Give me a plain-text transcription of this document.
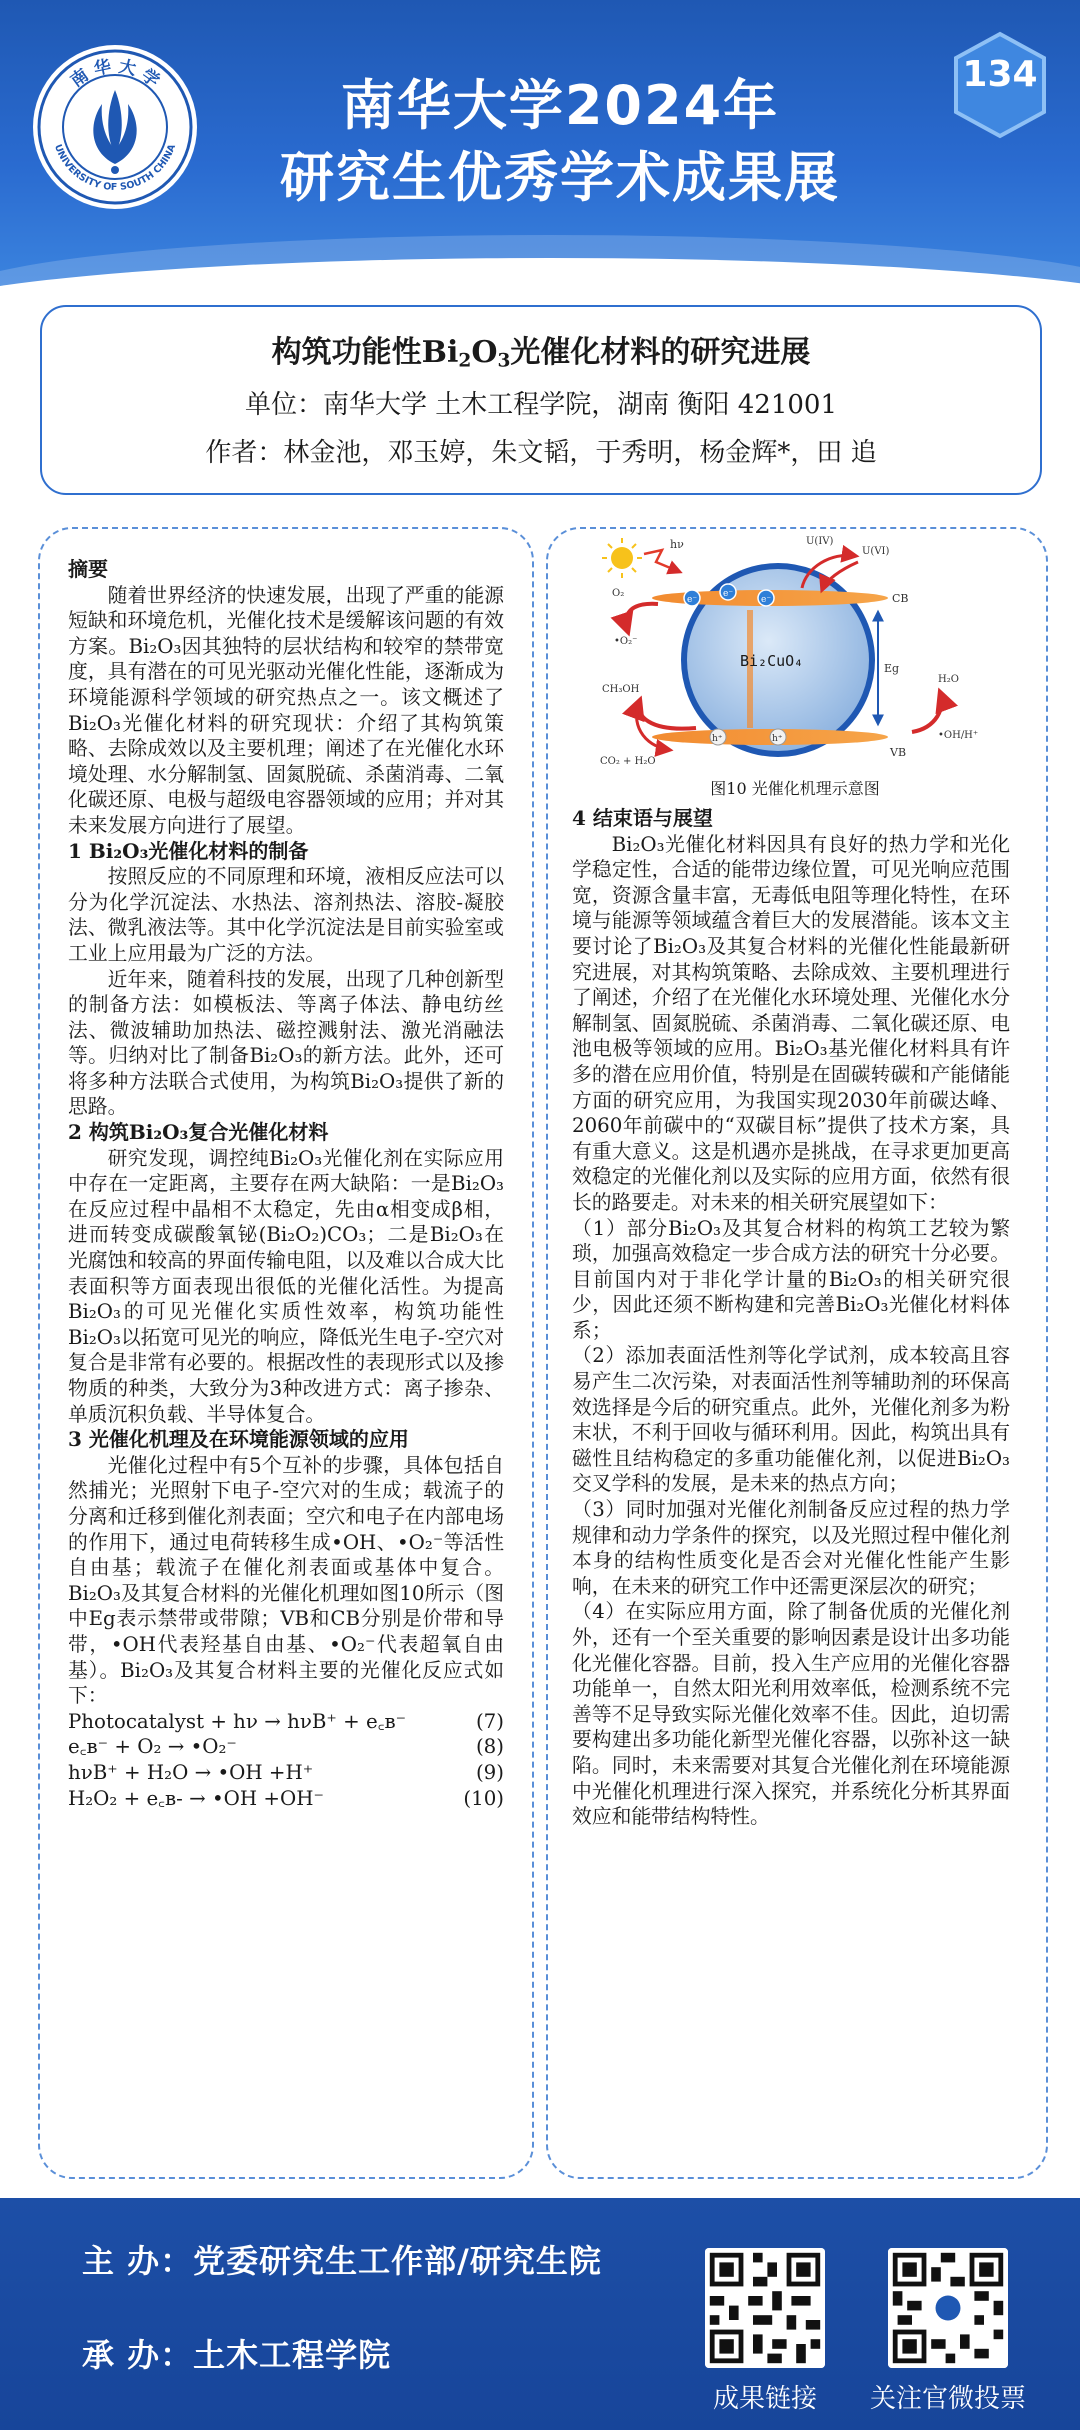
南 华 大 学
UNIVERSITY OF SOUTH CHINA
南华大学2024年
研究生优秀学术成果展
134
构筑功能性$Bi_2O_3$光催化材料的研究进展
单位：南华大学 土木工程学院，湖南 衡阳 421001
作者：林金池，邓玉婷，朱文韬，于秀明，杨金辉*，田 追

摘要

随着世界经济的快速发展，出现了严重的能源短缺和环境危机，光催化技术是缓解该问题的有效方案。Bi₂O₃因其独特的层状结构和较窄的禁带宽度，具有潜在的可见光驱动光催化性能，逐渐成为环境能源科学领域的研究热点之一。该文概述了Bi₂O₃光催化材料的研究现状：介绍了其构筑策略、去除成效以及主要机理；阐述了在光催化水环境处理、水分解制氢、固氮脱硫、杀菌消毒、二氧化碳还原、电极与超级电容器领域的应用；并对其未来发展方向进行了展望。

1 Bi₂O₃光催化材料的制备

按照反应的不同原理和环境，液相反应法可以分为化学沉淀法、水热法、溶剂热法、溶胶-凝胶法、微乳液法等。其中化学沉淀法是目前实验室或工业上应用最为广泛的方法。

近年来，随着科技的发展，出现了几种创新型的制备方法：如模板法、等离子体法、静电纺丝法、微波辅助加热法、磁控溅射法、激光消融法等。归纳对比了制备Bi₂O₃的新方法。此外，还可将多种方法联合式使用，为构筑Bi₂O₃提供了新的思路。

2 构筑Bi₂O₃复合光催化材料

研究发现，调控纯Bi₂O₃光催化剂在实际应用中存在一定距离，主要存在两大缺陷：一是Bi₂O₃在反应过程中晶相不太稳定，先由α相变成β相，进而转变成碳酸氧铋(Bi₂O₂)CO₃；二是Bi₂O₃在光腐蚀和较高的界面传输电阻，以及难以合成大比表面积等方面表现出很低的光催化活性。为提高Bi₂O₃的可见光催化实质性效率，构筑功能性Bi₂O₃以拓宽可见光的响应，降低光生电子-空穴对复合是非常有必要的。根据改性的表现形式以及掺物质的种类，大致分为3种改进方式：离子掺杂、单质沉积负载、半导体复合。

3 光催化机理及在环境能源领域的应用

光催化过程中有5个互补的步骤，具体包括自然捕光；光照射下电子-空穴对的生成；载流子的分离和迁移到催化剂表面；空穴和电子在内部电场的作用下，通过电荷转移生成•OH、•O₂⁻等活性自由基；载流子在催化剂表面或基体中复合。Bi₂O₃及其复合材料的光催化机理如图10所示（图中Eg表示禁带或带隙；VB和CB分别是价带和导带，•OH代表羟基自由基、•O₂⁻代表超氧自由基）。Bi₂O₃及其复合材料主要的光催化反应式如下：

Photocatalyst + hν → hνB⁺ + e꜀ʙ⁻	(7)
e꜀ʙ⁻ + O₂ → •O₂⁻	(8)
hνB⁺ + H₂O → •OH +H⁺	(9)
H₂O₂ + e꜀ʙ- → •OH +OH⁻	(10)
hν
CB
VB
e⁻
e⁻
e⁻
h⁺	h⁺
Eg
Bi₂CuO₄
U(IV)
U(VI)
O₂
•O₂⁻
CH₃OH
CO₂ + H₂O
H₂O
•OH/H⁺
图10 光催化机理示意图

4 结束语与展望

Bi₂O₃光催化材料因具有良好的热力学和光化学稳定性，合适的能带边缘位置，可见光响应范围宽，资源含量丰富，无毒低电阻等理化特性，在环境与能源等领域蕴含着巨大的发展潜能。该本文主要讨论了Bi₂O₃及其复合材料的光催化性能最新研究进展，对其构筑策略、去除成效、主要机理进行了阐述，介绍了在光催化水环境处理、光催化水分解制氢、固氮脱硫、杀菌消毒、二氧化碳还原、电池电极等领域的应用。Bi₂O₃基光催化材料具有许多的潜在应用价值，特别是在固碳转碳和产能储能方面的研究应用，为我国实现2030年前碳达峰、2060年前碳中的“双碳目标”提供了技术方案，具有重大意义。这是机遇亦是挑战，在寻求更加更高效稳定的光催化剂以及实际的应用方面，依然有很长的路要走。对未来的相关研究展望如下：

（1）部分Bi₂O₃及其复合材料的构筑工艺较为繁琐，加强高效稳定一步合成方法的研究十分必要。目前国内对于非化学计量的Bi₂O₃的相关研究很少，因此还须不断构建和完善Bi₂O₃光催化材料体系；

（2）添加表面活性剂等化学试剂，成本较高且容易产生二次污染，对表面活性剂等辅助剂的环保高效选择是今后的研究重点。此外，光催化剂多为粉末状，不利于回收与循环利用。因此，构筑出具有磁性且结构稳定的多重功能催化剂，以促进Bi₂O₃交叉学科的发展，是未来的热点方向；

（3）同时加强对光催化剂制备反应过程的热力学规律和动力学条件的探究，以及光照过程中催化剂本身的结构性质变化是否会对光催化性能产生影响，在未来的研究工作中还需更深层次的研究；

（4）在实际应用方面，除了制备优质的光催化剂外，还有一个至关重要的影响因素是设计出多功能化光催化容器。目前，投入生产应用的光催化容器功能单一，自然太阳光利用效率低，检测系统不完善等不足导致实际光催化效率不佳。因此，迫切需要构建出多功能化新型光催化容器，以弥补这一缺陷。同时，未来需要对其复合光催化剂在环境能源中光催化机理进行深入探究，并系统化分析其界面效应和能带结构特性。

主 办：党委研究生工作部/研究生院
承 办：土木工程学院
成果链接	关注官微投票
